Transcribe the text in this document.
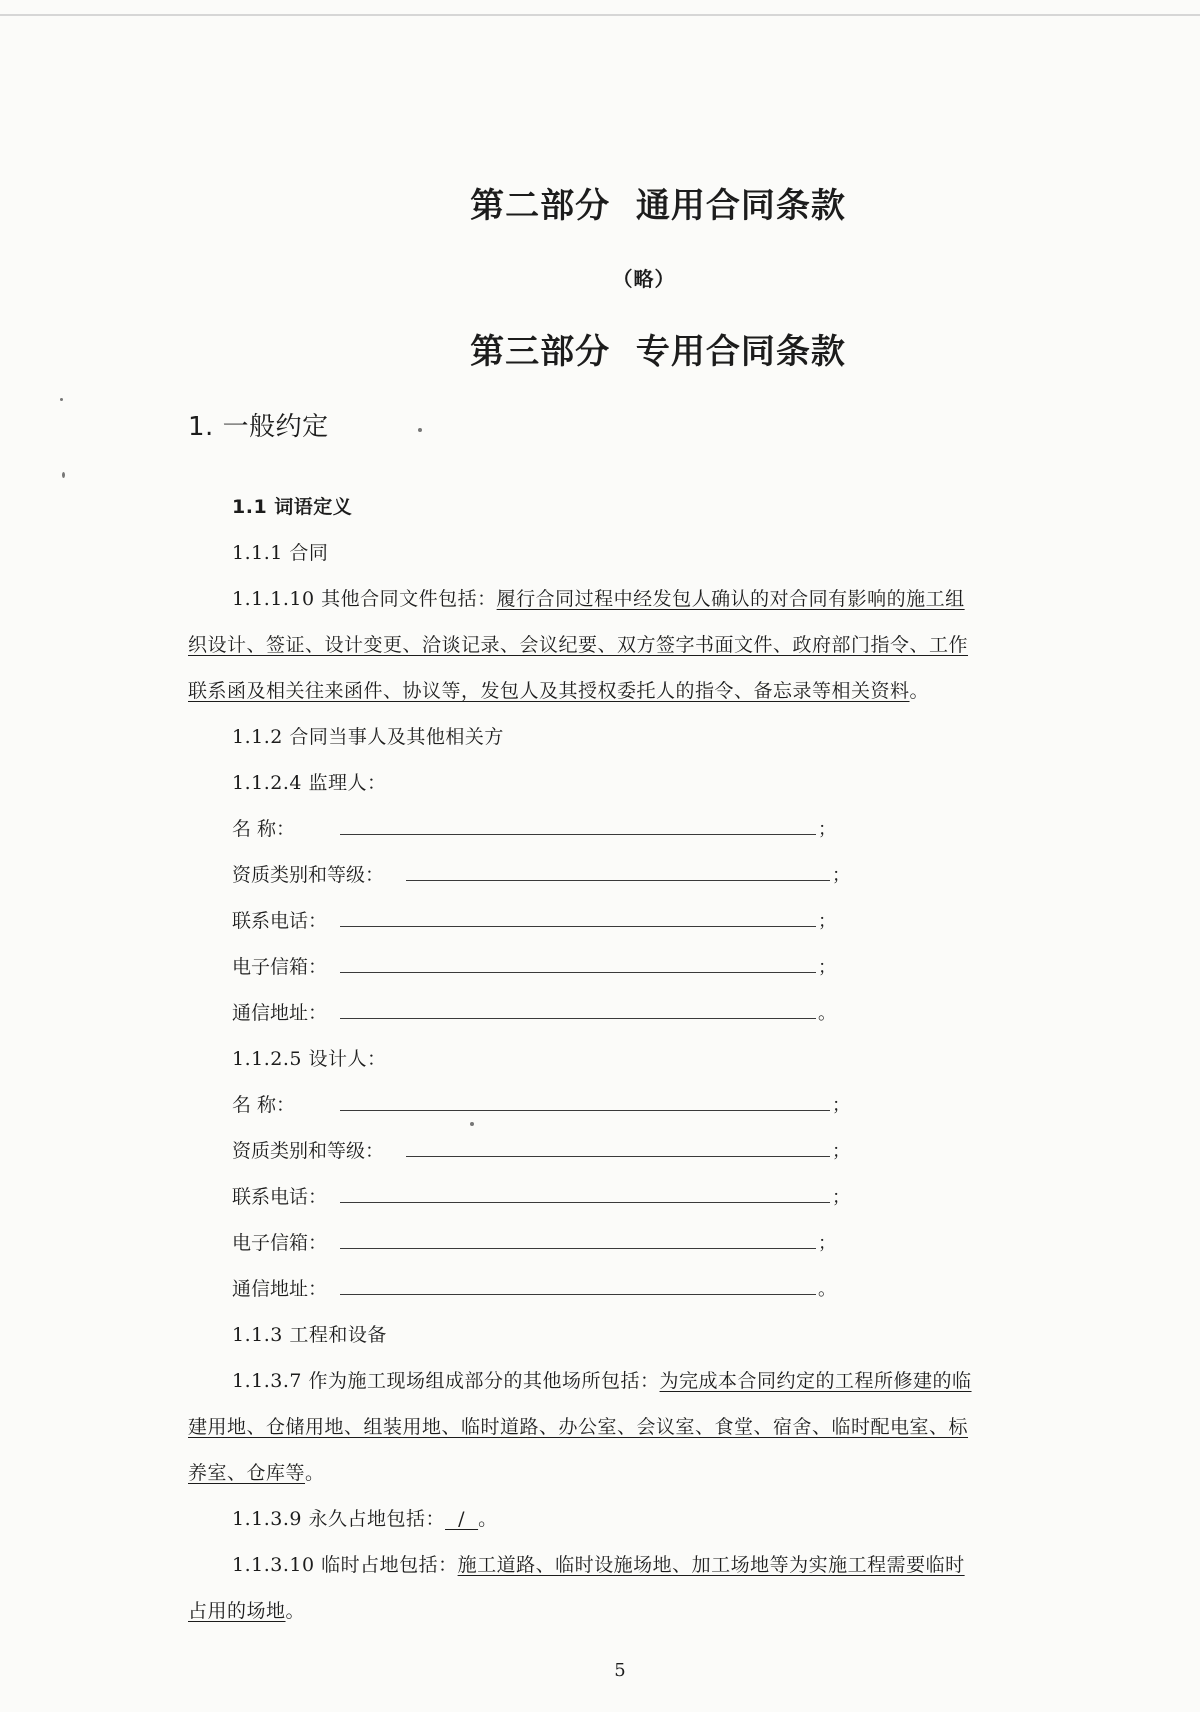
第二部分  通用合同条款
（略）
第三部分  专用合同条款
1. 一般约定
1.1 词语定义
1.1.1 合同
1.1.1.10 其他合同文件包括：履行合同过程中经发包人确认的对合同有影响的施工组
织设计、签证、设计变更、洽谈记录、会议纪要、双方签字书面文件、政府部门指令、工作
联系函及相关往来函件、协议等，发包人及其授权委托人的指令、备忘录等相关资料。
1.1.2 合同当事人及其他相关方
1.1.2.4 监理人：
名 称：	；
资质类别和等级：	；
联系电话：	；
电子信箱：	；
通信地址：	。
1.1.2.5 设计人：
名 称：	；
资质类别和等级：	；
联系电话：	；
电子信箱：	；
通信地址：	。
1.1.3 工程和设备
1.1.3.7 作为施工现场组成部分的其他场所包括：为完成本合同约定的工程所修建的临
建用地、仓储用地、组装用地、临时道路、办公室、会议室、食堂、宿舍、临时配电室、标
养室、仓库等。
1.1.3.9 永久占地包括：  /  。
1.1.3.10 临时占地包括：施工道路、临时设施场地、加工场地等为实施工程需要临时
占用的场地。
5
